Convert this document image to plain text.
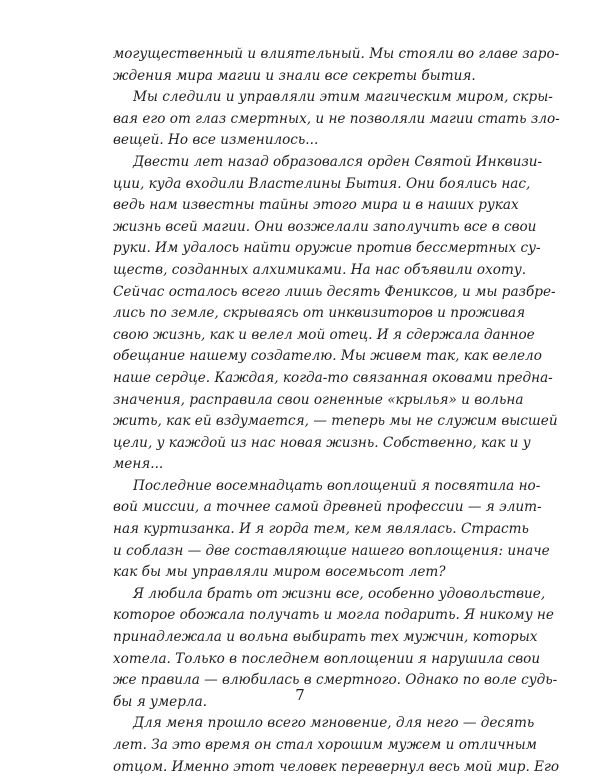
могущественный и влиятельный. Мы стояли во главе заро-
ждения мира магии и знали все секреты бытия.
Мы следили и управляли этим магическим миром, скры-
вая его от глаз смертных, и не позволяли магии стать зло-
вещей. Но все изменилось...
Двести лет назад образовался орден Святой Инквизи-
ции, куда входили Властелины Бытия. Они боялись нас,
ведь нам известны тайны этого мира и в наших руках
жизнь всей магии. Они возжелали заполучить все в свои
руки. Им удалось найти оружие против бессмертных су-
ществ, созданных алхимиками. На нас объявили охоту.
Сейчас осталось всего лишь десять Фениксов, и мы разбре-
лись по земле, скрываясь от инквизиторов и проживая
свою жизнь, как и велел мой отец. И я сдержала данное
обещание нашему создателю. Мы живем так, как велело
наше сердце. Каждая, когда-то связанная оковами предна-
значения, расправила свои огненные «крылья» и вольна
жить, как ей вздумается, — теперь мы не служим высшей
цели, у каждой из нас новая жизнь. Собственно, как и у
меня...
Последние восемнадцать воплощений я посвятила но-
вой миссии, а точнее самой древней профессии — я элит-
ная куртизанка. И я горда тем, кем являлась. Страсть
и соблазн — две составляющие нашего воплощения: иначе
как бы мы управляли миром восемьсот лет?
Я любила брать от жизни все, особенно удовольствие,
которое обожала получать и могла подарить. Я никому не
принадлежала и вольна выбирать тех мужчин, которых
хотела. Только в последнем воплощении я нарушила свои
же правила — влюбилась в смертного. Однако по воле судь-
бы я умерла.
Для меня прошло всего мгновение, для него — десять
лет. За это время он стал хорошим мужем и отличным
отцом. Именно этот человек перевернул весь мой мир. Его
7
